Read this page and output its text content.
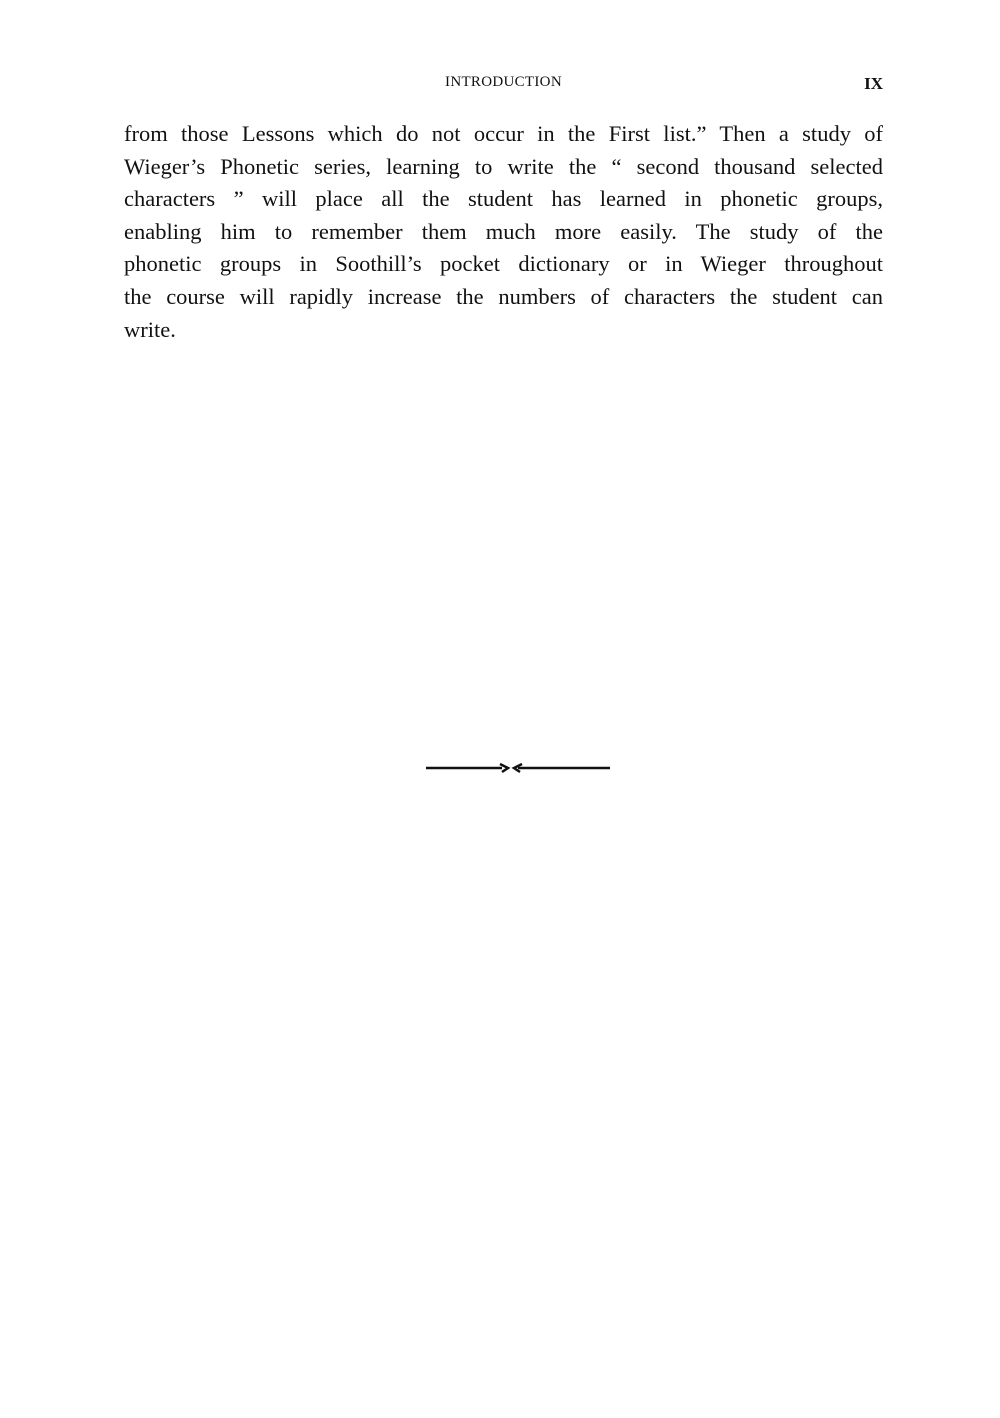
INTRODUCTION	IX
from those Lessons which do not occur in the First list.” Then a study of
Wieger’s Phonetic series, learning to write the “ second thousand selected
characters ” will place all the student has learned in phonetic groups,
enabling him to remember them much more easily. The study of the
phonetic groups in Soothill’s pocket dictionary or in Wieger throughout
the course will rapidly increase the numbers of characters the student can
write.
